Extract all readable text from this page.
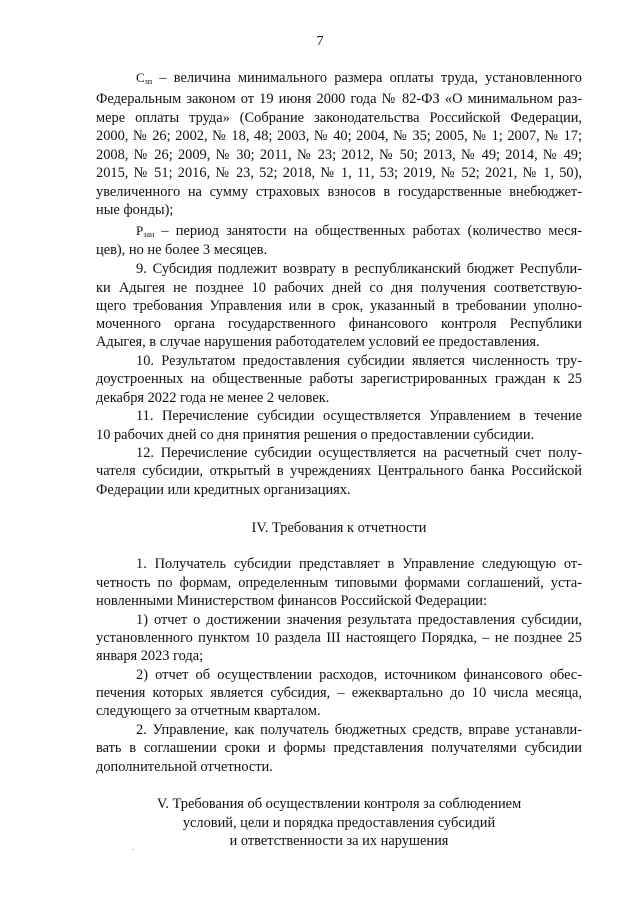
7
$С_{зп}$ – величина минимального размера оплаты труда, установленного
Федеральным законом от 19 июня 2000 года № 82-ФЗ «О минимальном раз-
мере оплаты труда» (Собрание законодательства Российской Федерации,
2000, № 26; 2002, № 18, 48; 2003, № 40; 2004, № 35; 2005, № 1; 2007, № 17;
2008, № 26; 2009, № 30; 2011, № 23; 2012, № 50; 2013, № 49; 2014, № 49;
2015, № 51; 2016, № 23, 52; 2018, № 1, 11, 53; 2019, № 52; 2021, № 1, 50),
увеличенного на сумму страховых взносов в государственные внебюджет-
ные фонды);
$Р_{зан}$ – период занятости на общественных работах (количество меся-
цев), но не более 3 месяцев.
9. Субсидия подлежит возврату в республиканский бюджет Республи-
ки Адыгея не позднее 10 рабочих дней со дня получения соответствую-
щего требования Управления или в срок, указанный в требовании уполно-
моченного органа государственного финансового контроля Республики
Адыгея, в случае нарушения работодателем условий ее предоставления.
10. Результатом предоставления субсидии является численность тру-
доустроенных на общественные работы зарегистрированных граждан к 25
декабря 2022 года не менее 2 человек.
11. Перечисление субсидии осуществляется Управлением в течение
10 рабочих дней со дня принятия решения о предоставлении субсидии.
12. Перечисление субсидии осуществляется на расчетный счет полу-
чателя субсидии, открытый в учреждениях Центрального банка Российской
Федерации или кредитных организациях.
IV. Требования к отчетности
1. Получатель субсидии представляет в Управление следующую от-
четность по формам, определенным типовыми формами соглашений, уста-
новленными Министерством финансов Российской Федерации:
1) отчет о достижении значения результата предоставления субсидии,
установленного пунктом 10 раздела III настоящего Порядка, – не позднее 25
января 2023 года;
2) отчет об осуществлении расходов, источником финансового обес-
печения которых является субсидия, – ежеквартально до 10 числа месяца,
следующего за отчетным кварталом.
2. Управление, как получатель бюджетных средств, вправе устанавли-
вать в соглашении сроки и формы представления получателями субсидии
дополнительной отчетности.
V. Требования об осуществлении контроля за соблюдением
условий, цели и порядка предоставления субсидий
и ответственности за их нарушения
